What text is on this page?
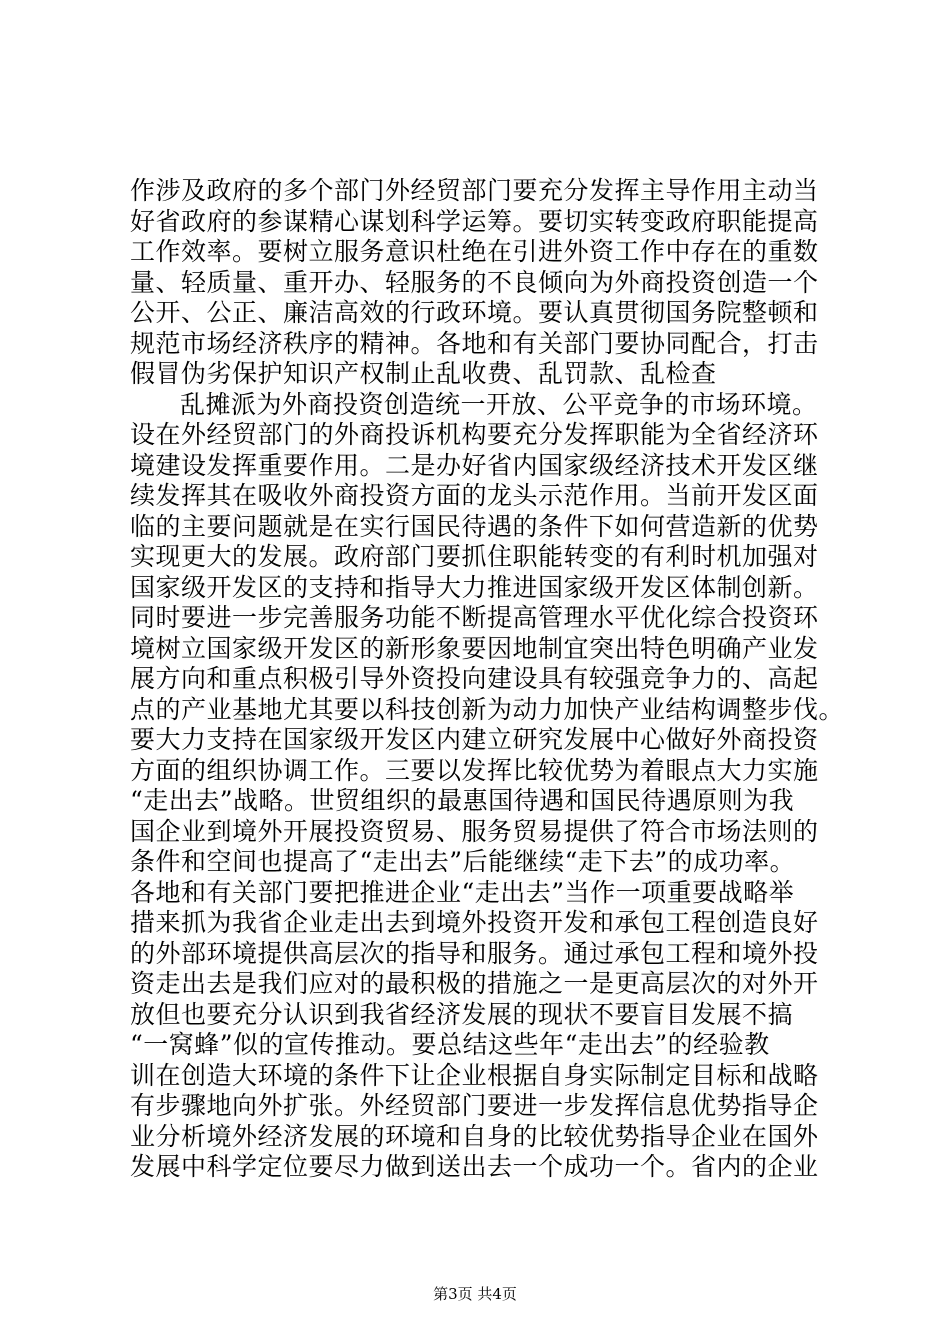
作涉及政府的多个部门外经贸部门要充分发挥主导作用主动当
好省政府的参谋精心谋划科学运筹。要切实转变政府职能提高
工作效率。要树立服务意识杜绝在引进外资工作中存在的重数
量、轻质量、重开办、轻服务的不良倾向为外商投资创造一个
公开、公正、廉洁高效的行政环境。要认真贯彻国务院整顿和
规范市场经济秩序的精神。各地和有关部门要协同配合，打击
假冒伪劣保护知识产权制止乱收费、乱罚款、乱检查
乱摊派为外商投资创造统一开放、公平竞争的市场环境。
设在外经贸部门的外商投诉机构要充分发挥职能为全省经济环
境建设发挥重要作用。二是办好省内国家级经济技术开发区继
续发挥其在吸收外商投资方面的龙头示范作用。当前开发区面
临的主要问题就是在实行国民待遇的条件下如何营造新的优势
实现更大的发展。政府部门要抓住职能转变的有利时机加强对
国家级开发区的支持和指导大力推进国家级开发区体制创新。
同时要进一步完善服务功能不断提高管理水平优化综合投资环
境树立国家级开发区的新形象要因地制宜突出特色明确产业发
展方向和重点积极引导外资投向建设具有较强竞争力的、高起
点的产业基地尤其要以科技创新为动力加快产业结构调整步伐。
要大力支持在国家级开发区内建立研究发展中心做好外商投资
方面的组织协调工作。三要以发挥比较优势为着眼点大力实施
“走出去”战略。世贸组织的最惠国待遇和国民待遇原则为我
国企业到境外开展投资贸易、服务贸易提供了符合市场法则的
条件和空间也提高了“走出去”后能继续“走下去”的成功率。
各地和有关部门要把推进企业“走出去”当作一项重要战略举
措来抓为我省企业走出去到境外投资开发和承包工程创造良好
的外部环境提供高层次的指导和服务。通过承包工程和境外投
资走出去是我们应对的最积极的措施之一是更高层次的对外开
放但也要充分认识到我省经济发展的现状不要盲目发展不搞
“一窝蜂”似的宣传推动。要总结这些年“走出去”的经验教
训在创造大环境的条件下让企业根据自身实际制定目标和战略
有步骤地向外扩张。外经贸部门要进一步发挥信息优势指导企
业分析境外经济发展的环境和自身的比较优势指导企业在国外
发展中科学定位要尽力做到送出去一个成功一个。省内的企业
第3页 共4页
